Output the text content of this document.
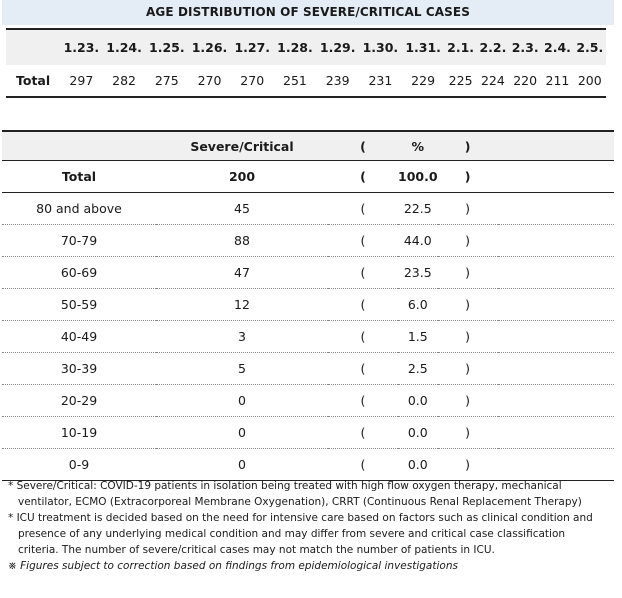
AGE DISTRIBUTION OF SEVERE/CRITICAL CASES
	1.23.	1.24.	1.25.	1.26.	1.27.	1.28.	1.29.	1.30.	1.31.	2.1.	2.2.	2.3.	2.4.	2.5.
Total	297	282	275	270	270	251	239	231	229	225	224	220	211	200
	Severe/Critical	(	%	)	
Total	200	(	100.0	)	
80 and above	45	(	22.5	)	
70-79	88	(	44.0	)	
60-69	47	(	23.5	)	
50-59	12	(	6.0	)	
40-49	3	(	1.5	)	
30-39	5	(	2.5	)	
20-29	0	(	0.0	)	
10-19	0	(	0.0	)	
0-9	0	(	0.0	)	

* Severe/Critical: COVID-19 patients in isolation being treated with high flow oxygen therapy, mechanical ventilator, ECMO (Extracorporeal Membrane Oxygenation), CRRT (Continuous Renal Replacement Therapy)

* ICU treatment is decided based on the need for intensive care based on factors such as clinical condition and presence of any underlying medical condition and may differ from severe and critical case classification criteria. The number of severe/critical cases may not match the number of patients in ICU.

※ Figures subject to correction based on findings from epidemiological investigations
